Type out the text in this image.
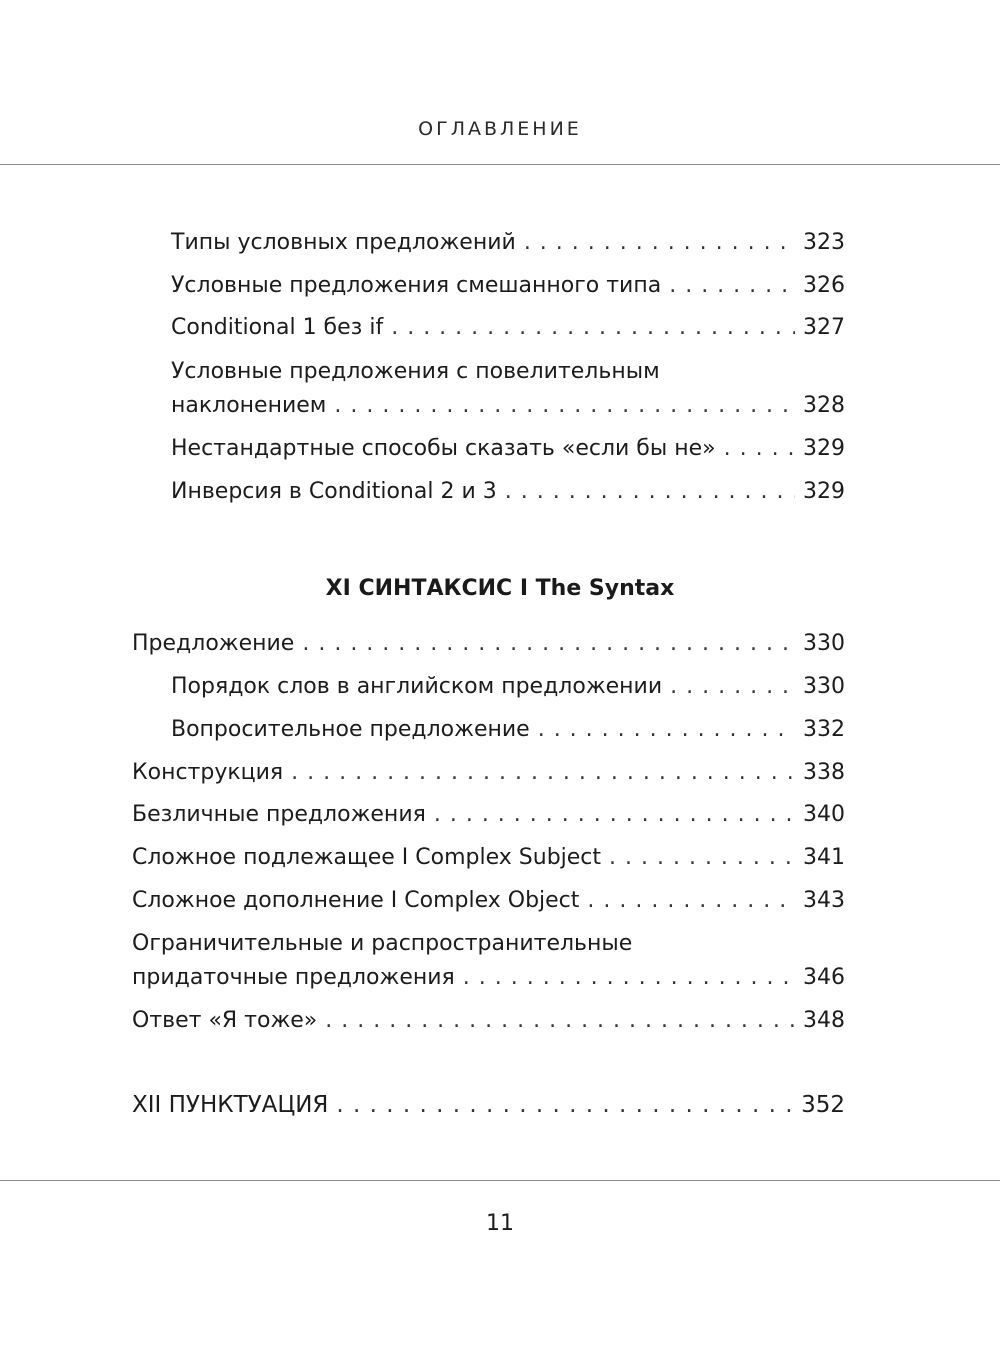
ОГЛАВЛЕНИЕ
Типы условных предложений . . .	323
Условные предложения смешанного типа . . .	326
Conditional 1 без if . . .	327
Условные предложения с повелительным
наклонением . . .	328
Нестандартные способы сказать «если бы не» . . .	329
Инверсия в Conditional 2 и 3 . . .	329
XI СИНТАКСИС I The Syntax
Предложение . . .	330
Порядок слов в английском предложении . . .	330
Вопросительное предложение . . .	332
Конструкция . . .	338
Безличные предложения . . .	340
Сложное подлежащее I Complex Subject . . .	341
Сложное дополнение I Complex Object . . .	343
Ограничительные и распространительные
придаточные предложения . . .	346
Ответ «Я тоже» . . .	348
XII ПУНКТУАЦИЯ . . .	352
11
